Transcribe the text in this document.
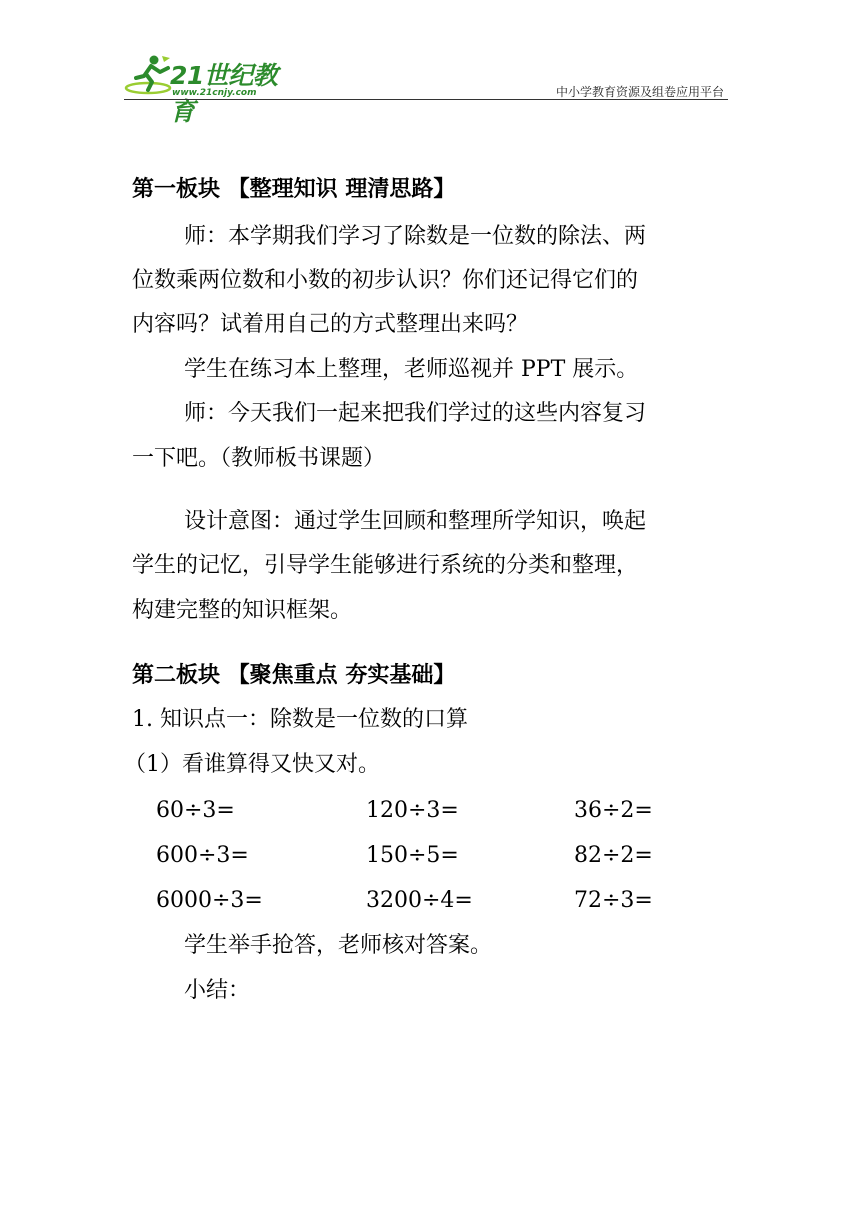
21世纪教育
www.21cnjy.com	中小学教育资源及组卷应用平台
第一板块 【整理知识 理清思路】
师：本学期我们学习了除数是一位数的除法、两
位数乘两位数和小数的初步认识？你们还记得它们的
内容吗？试着用自己的方式整理出来吗？
学生在练习本上整理，老师巡视并 PPT 展示。
师：今天我们一起来把我们学过的这些内容复习
一下吧。（教师板书课题）
设计意图：通过学生回顾和整理所学知识，唤起
学生的记忆，引导学生能够进行系统的分类和整理，
构建完整的知识框架。
第二板块 【聚焦重点 夯实基础】
1. 知识点一：除数是一位数的口算
（1）看谁算得又快又对。
60÷3=	120÷3=	36÷2=
600÷3=	150÷5=	82÷2=
6000÷3=	3200÷4=	72÷3=
学生举手抢答，老师核对答案。
小结：
